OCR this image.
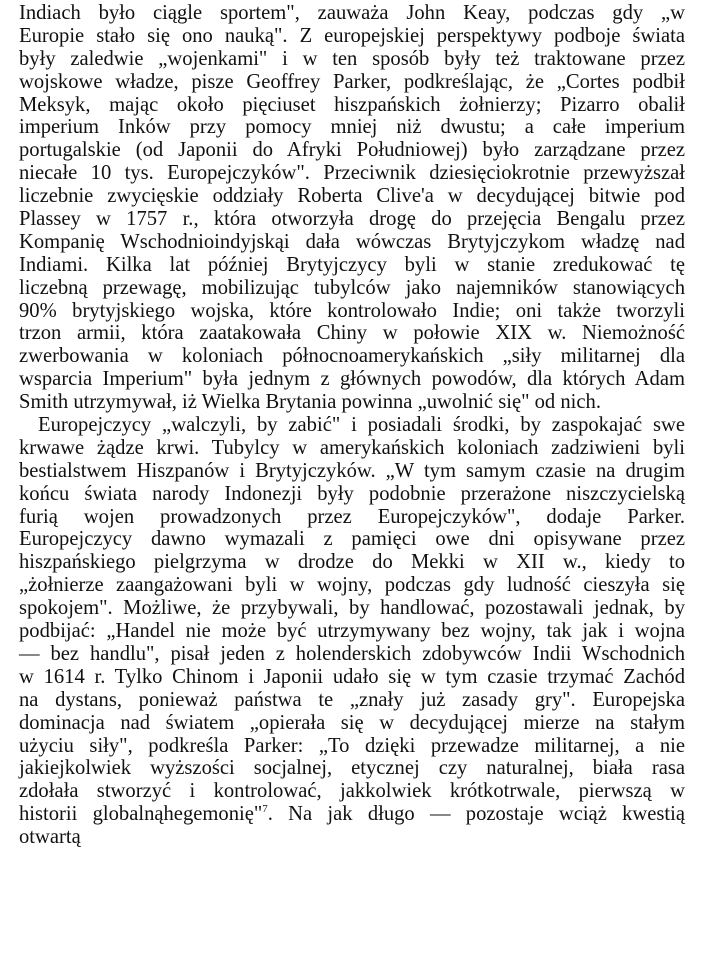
Indiach było ciągle sportem", zauważa John Keay, podczas gdy „w
Europie stało się ono nauką". Z europejskiej perspektywy podboje świata
były zaledwie „wojenkami" i w ten sposób były też traktowane przez
wojskowe władze, pisze Geoffrey Parker, podkreślając, że „Cortes podbił
Meksyk, mając około pięciuset hiszpańskich żołnierzy; Pizarro obalił
imperium Inków przy pomocy mniej niż dwustu; a całe imperium
portugalskie (od Japonii do Afryki Południowej) było zarządzane przez
niecałe 10 tys. Europejczyków". Przeciwnik dziesięciokrotnie przewyższał
liczebnie zwycięskie oddziały Roberta Clive'a w decydującej bitwie pod
Plassey w 1757 r., która otworzyła drogę do przejęcia Bengalu przez
Kompanię Wschodnioindyjskąi dała wówczas Brytyjczykom władzę nad
Indiami. Kilka lat później Brytyjczycy byli w stanie zredukować tę
liczebną przewagę, mobilizując tubylców jako najemników stanowiących
90% brytyjskiego wojska, które kontrolowało Indie; oni także tworzyli
trzon armii, która zaatakowała Chiny w połowie XIX w. Niemożność
zwerbowania w koloniach północnoamerykańskich „siły militarnej dla
wsparcia Imperium" była jednym z głównych powodów, dla których Adam
Smith utrzymywał, iż Wielka Brytania powinna „uwolnić się" od nich.
Europejczycy „walczyli, by zabić" i posiadali środki, by zaspokajać swe
krwawe żądze krwi. Tubylcy w amerykańskich koloniach zadziwieni byli
bestialstwem Hiszpanów i Brytyjczyków. „W tym samym czasie na drugim
końcu świata narody Indonezji były podobnie przerażone niszczycielską
furią wojen prowadzonych przez Europejczyków", dodaje Parker.
Europejczycy dawno wymazali z pamięci owe dni opisywane przez
hiszpańskiego pielgrzyma w drodze do Mekki w XII w., kiedy to
„żołnierze zaangażowani byli w wojny, podczas gdy ludność cieszyła się
spokojem". Możliwe, że przybywali, by handlować, pozostawali jednak, by
podbijać: „Handel nie może być utrzymywany bez wojny, tak jak i wojna
— bez handlu", pisał jeden z holenderskich zdobywców Indii Wschodnich
w 1614 r. Tylko Chinom i Japonii udało się w tym czasie trzymać Zachód
na dystans, ponieważ państwa te „znały już zasady gry". Europejska
dominacja nad światem „opierała się w decydującej mierze na stałym
użyciu siły", podkreśla Parker: „To dzięki przewadze militarnej, a nie
jakiejkolwiek wyższości socjalnej, etycznej czy naturalnej, biała rasa
zdołała stworzyć i kontrolować, jakkolwiek krótkotrwale, pierwszą w
historii globalnąhegemonię"$^7$. Na jak długo — pozostaje wciąż kwestią
otwartą
